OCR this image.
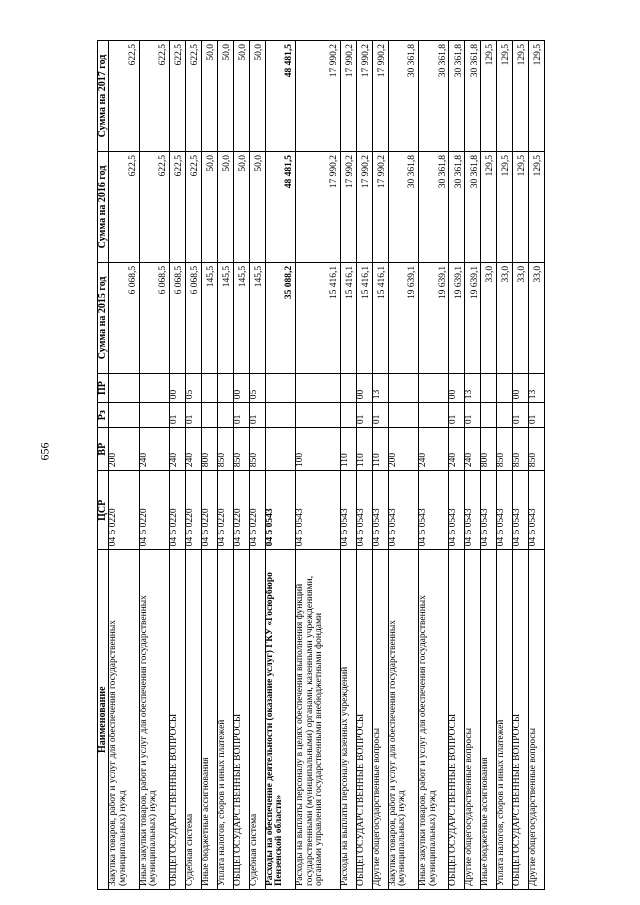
656
Наименование	ЦСР	ВР	Рз	ПР	Сумма на 2015 год	Сумма на 2016 год	Сумма на 2017 год
Закупка товаров, работ и услуг для обеспечения государственных (муниципальных) нужд	04 5 0220	200			6 068,5	622,5	622,5
Иные закупки товаров, работ и услуг для обеспечения государственных (муниципальных) нужд	04 5 0220	240			6 068,5	622,5	622,5
ОБЩЕГОСУДАРСТВЕННЫЕ ВОПРОСЫ	04 5 0220	240	01	00	6 068,5	622,5	622,5
Судебная система	04 5 0220	240	01	05	6 068,5	622,5	622,5
Иные бюджетные ассигнования	04 5 0220	800			145,5	50,0	50,0
Уплата налогов, сборов и иных платежей	04 5 0220	850			145,5	50,0	50,0
ОБЩЕГОСУДАРСТВЕННЫЕ ВОПРОСЫ	04 5 0220	850	01	00	145,5	50,0	50,0
Судебная система	04 5 0220	850	01	05	145,5	50,0	50,0
Расходы на обеспечение деятельности (оказание услуг) ГКУ «Госюрбюро Пензенской области»	04 5 0543				35 088,2	48 481,5	48 481,5
Расходы на выплаты персоналу в целях обеспечения выполнения функций государственными (муниципальными) органами, казенными учреждениями, органами управления государственными внебюджетными фондами	04 5 0543	100			15 416,1	17 990,2	17 990,2
Расходы на выплаты персоналу казенных учреждений	04 5 0543	110			15 416,1	17 990,2	17 990,2
ОБЩЕГОСУДАРСТВЕННЫЕ ВОПРОСЫ	04 5 0543	110	01	00	15 416,1	17 990,2	17 990,2
Другие общегосударственные вопросы	04 5 0543	110	01	13	15 416,1	17 990,2	17 990,2
Закупка товаров, работ и услуг для обеспечения государственных (муниципальных) нужд	04 5 0543	200			19 639,1	30 361,8	30 361,8
Иные закупки товаров, работ и услуг для обеспечения государственных (муниципальных) нужд	04 5 0543	240			19 639,1	30 361,8	30 361,8
ОБЩЕГОСУДАРСТВЕННЫЕ ВОПРОСЫ	04 5 0543	240	01	00	19 639,1	30 361,8	30 361,8
Другие общегосударственные вопросы	04 5 0543	240	01	13	19 639,1	30 361,8	30 361,8
Иные бюджетные ассигнования	04 5 0543	800			33,0	129,5	129,5
Уплата налогов, сборов и иных платежей	04 5 0543	850			33,0	129,5	129,5
ОБЩЕГОСУДАРСТВЕННЫЕ ВОПРОСЫ	04 5 0543	850	01	00	33,0	129,5	129,5
Другие общегосударственные вопросы	04 5 0543	850	01	13	33,0	129,5	129,5
